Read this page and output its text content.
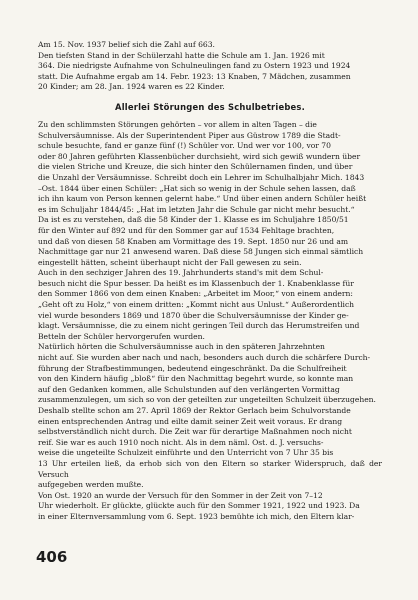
Am 15. Nov. 1937 belief sich die Zahl auf 663.
Den tiefsten Stand in der Schülerzahl hatte die Schule am 1. Jan. 1926 mit
364. Die niedrigste Aufnahme von Schulneulingen fand zu Ostern 1923 und 1924
statt. Die Aufnahme ergab am 14. Febr. 1923: 13 Knaben, 7 Mädchen, zusammen
20 Kinder; am 28. Jan. 1924 waren es 22 Kinder.

Allerlei Störungen des Schulbetriebes.

Zu den schlimmsten Störungen gehörten – vor allem in alten Tagen – die
Schulversäumnisse. Als der Superintendent Piper aus Güstrow 1789 die Stadt-
schule besuchte, fand er ganze fünf (!) Schüler vor. Und wer vor 100, vor 70
oder 80 Jahren geführten Klassenbücher durchsieht, wird sich gewiß wundern über
die vielen Striche und Kreuze, die sich hinter den Schülernamen finden, und über
die Unzahl der Versäumnisse. Schreibt doch ein Lehrer im Schulhalbjahr Mich. 1843
–Ost. 1844 über einen Schüler: „Hat sich so wenig in der Schule sehen lassen, daß
ich ihn kaum von Person kennen gelernt habe.“ Und über einen andern Schüler heißt
es im Schuljahr 1844/45: „Hat im letzten Jahr die Schule gar nicht mehr besucht.“
Da ist es zu verstehen, daß die 58 Kinder der 1. Klasse es im Schuljahre 1850/51
für den Winter auf 892 und für den Sommer gar auf 1534 Fehltage brachten,
und daß von diesen 58 Knaben am Vormittage des 19. Sept. 1850 nur 26 und am
Nachmittage gar nur 21 anwesend waren. Daß diese 58 Jungen sich einmal sämtlich
eingestellt hätten, scheint überhaupt nicht der Fall gewesen zu sein.

Auch in den sechziger Jahren des 19. Jahrhunderts stand's mit dem Schul-
besuch nicht die Spur besser. Da heißt es im Klassenbuch der 1. Knabenklasse für
den Sommer 1866 von dem einen Knaben: „Arbeitet im Moor,“ von einem andern:
„Geht oft zu Holz,“ von einem dritten: „Kommt nicht aus Unlust.“ Außerordentlich
viel wurde besonders 1869 und 1870 über die Schulversäumnisse der Kinder ge-
klagt. Versäumnisse, die zu einem nicht geringen Teil durch das Herumstreifen und
Betteln der Schüler hervorgerufen wurden.

Natürlich hörten die Schulversäumnisse auch in den späteren Jahrzehnten
nicht auf. Sie wurden aber nach und nach, besonders auch durch die schärfere Durch-
führung der Strafbestimmungen, bedeutend eingeschränkt. Da die Schulfreiheit
von den Kindern häufig „bloß“ für den Nachmittag begehrt wurde, so konnte man
auf den Gedanken kommen, alle Schulstunden auf den verlängerten Vormittag
zusammenzulegen, um sich so von der geteilten zur ungeteilten Schulzeit überzugehen.
Deshalb stellte schon am 27. April 1869 der Rektor Gerlach beim Schulvorstande
einen entsprechenden Antrag und eilte damit seiner Zeit weit voraus. Er drang
selbstverständlich nicht durch. Die Zeit war für derartige Maßnahmen noch nicht
reif. Sie war es auch 1910 noch nicht. Als in dem näml. Ost. d. J. versuchs-
weise die ungeteilte Schulzeit einführte und den Unterricht von 7 Uhr 35 bis
13 Uhr erteilen ließ, da erhob sich von den Eltern so starker Widerspruch, daß der Versuch
aufgegeben werden mußte.

Von Ost. 1920 an wurde der Versuch für den Sommer in der Zeit von 7–12
Uhr wiederholt. Er glückte, glückte auch für den Sommer 1921, 1922 und 1923. Da
in einer Elternversammlung vom 6. Sept. 1923 bemühte ich mich, den Eltern klar-

406
